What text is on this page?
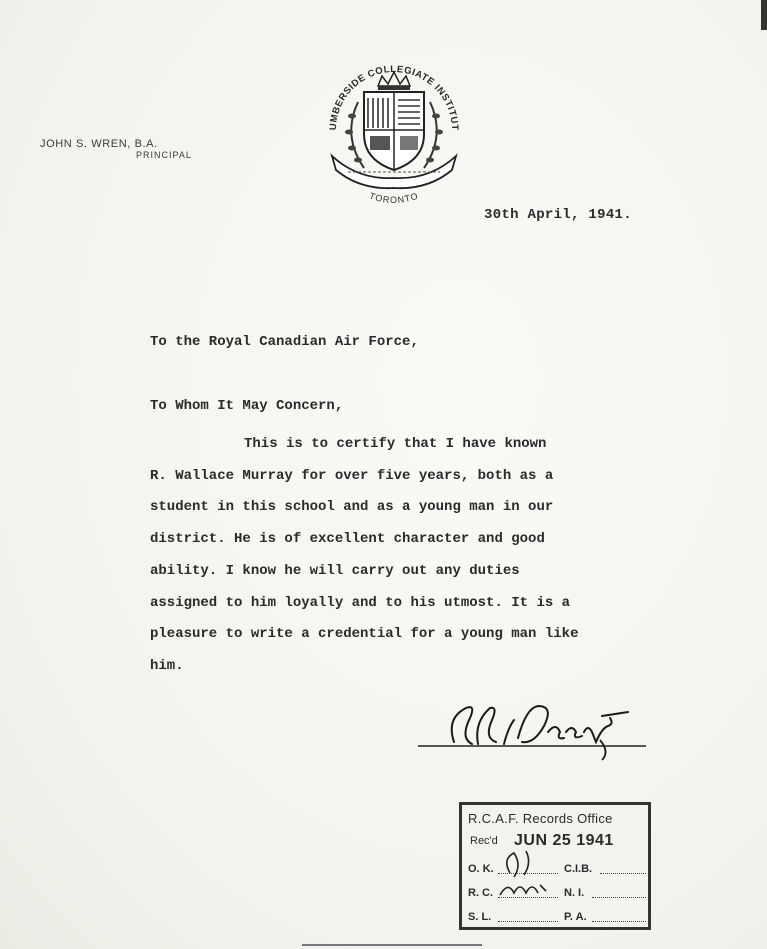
JOHN S. WREN, B.A.
PRINCIPAL
UMBERSIDE COLLEGIATE INSTITUT
TORONTO
30th April, 1941.
To the Royal Canadian Air Force,
To Whom It May Concern,

This is to certify that I have known

R. Wallace Murray for over five years, both as a
student in this school and as a young man in our
district. He is of excellent character and good
ability. I know he will carry out any duties
assigned to him loyally and to his utmost. It is a
pleasure to write a credential for a young man like
him.
R.C.A.F. Records Office
Rec'd JUN 25 1941
O. K.	C.I.B.
R. C.	N. I.
S. L.	P. A.
